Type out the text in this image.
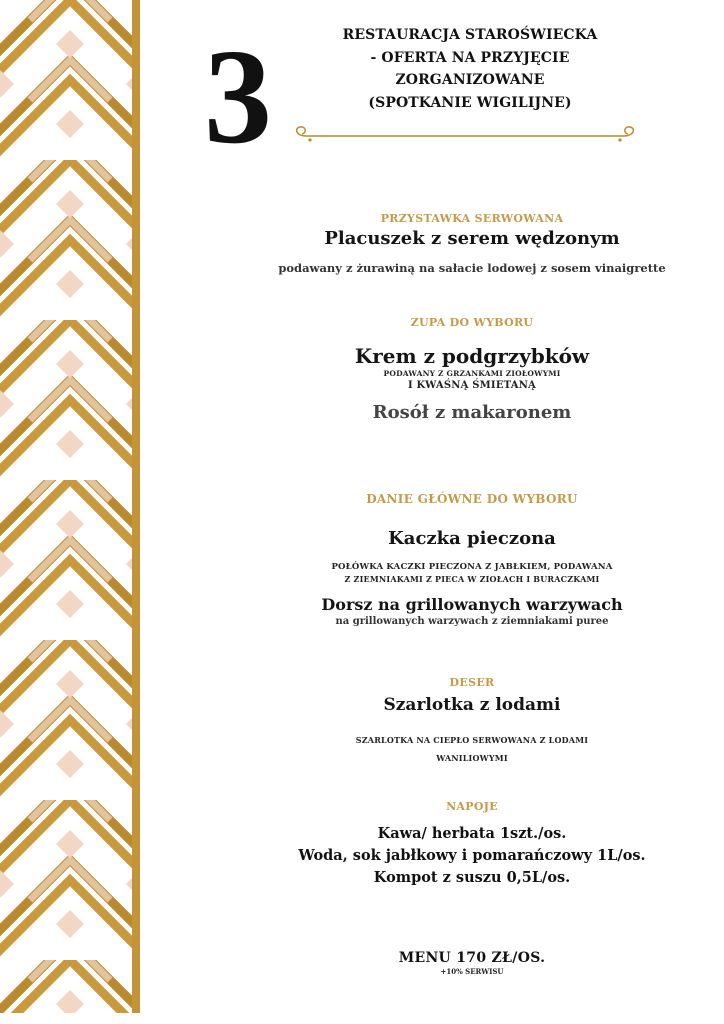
3	RESTAURACJA STAROŚWIECKA
- OFERTA NA PRZYJĘCIE
ZORGANIZOWANE
(SPOTKANIE WIGILIJNE)
PRZYSTAWKA SERWOWANA
Placuszek z serem wędzonym
podawany z żurawiną na sałacie lodowej z sosem vinaigrette
ZUPA DO WYBORU
Krem z podgrzybków
PODAWANY Z GRZANKAMI ZIOŁOWYMI
I KWAŚNĄ ŚMIETANĄ
Rosół z makaronem
DANIE GŁÓWNE DO WYBORU
Kaczka pieczona
POŁÓWKA KACZKI PIECZONA Z JABŁKIEM, PODAWANA
Z ZIEMNIAKAMI Z PIECA W ZIOŁACH I BURACZKAMI
Dorsz na grillowanych warzywach
na grillowanych warzywach z ziemniakami puree
DESER
Szarlotka z lodami
SZARLOTKA NA CIEPŁO SERWOWANA Z LODAMI
WANILIOWYMI
NAPOJE
Kawa/ herbata 1szt./os.
Woda, sok jabłkowy i pomarańczowy 1L/os.
Kompot z suszu 0,5L/os.
MENU 170 ZŁ/OS.
+10% SERWISU
